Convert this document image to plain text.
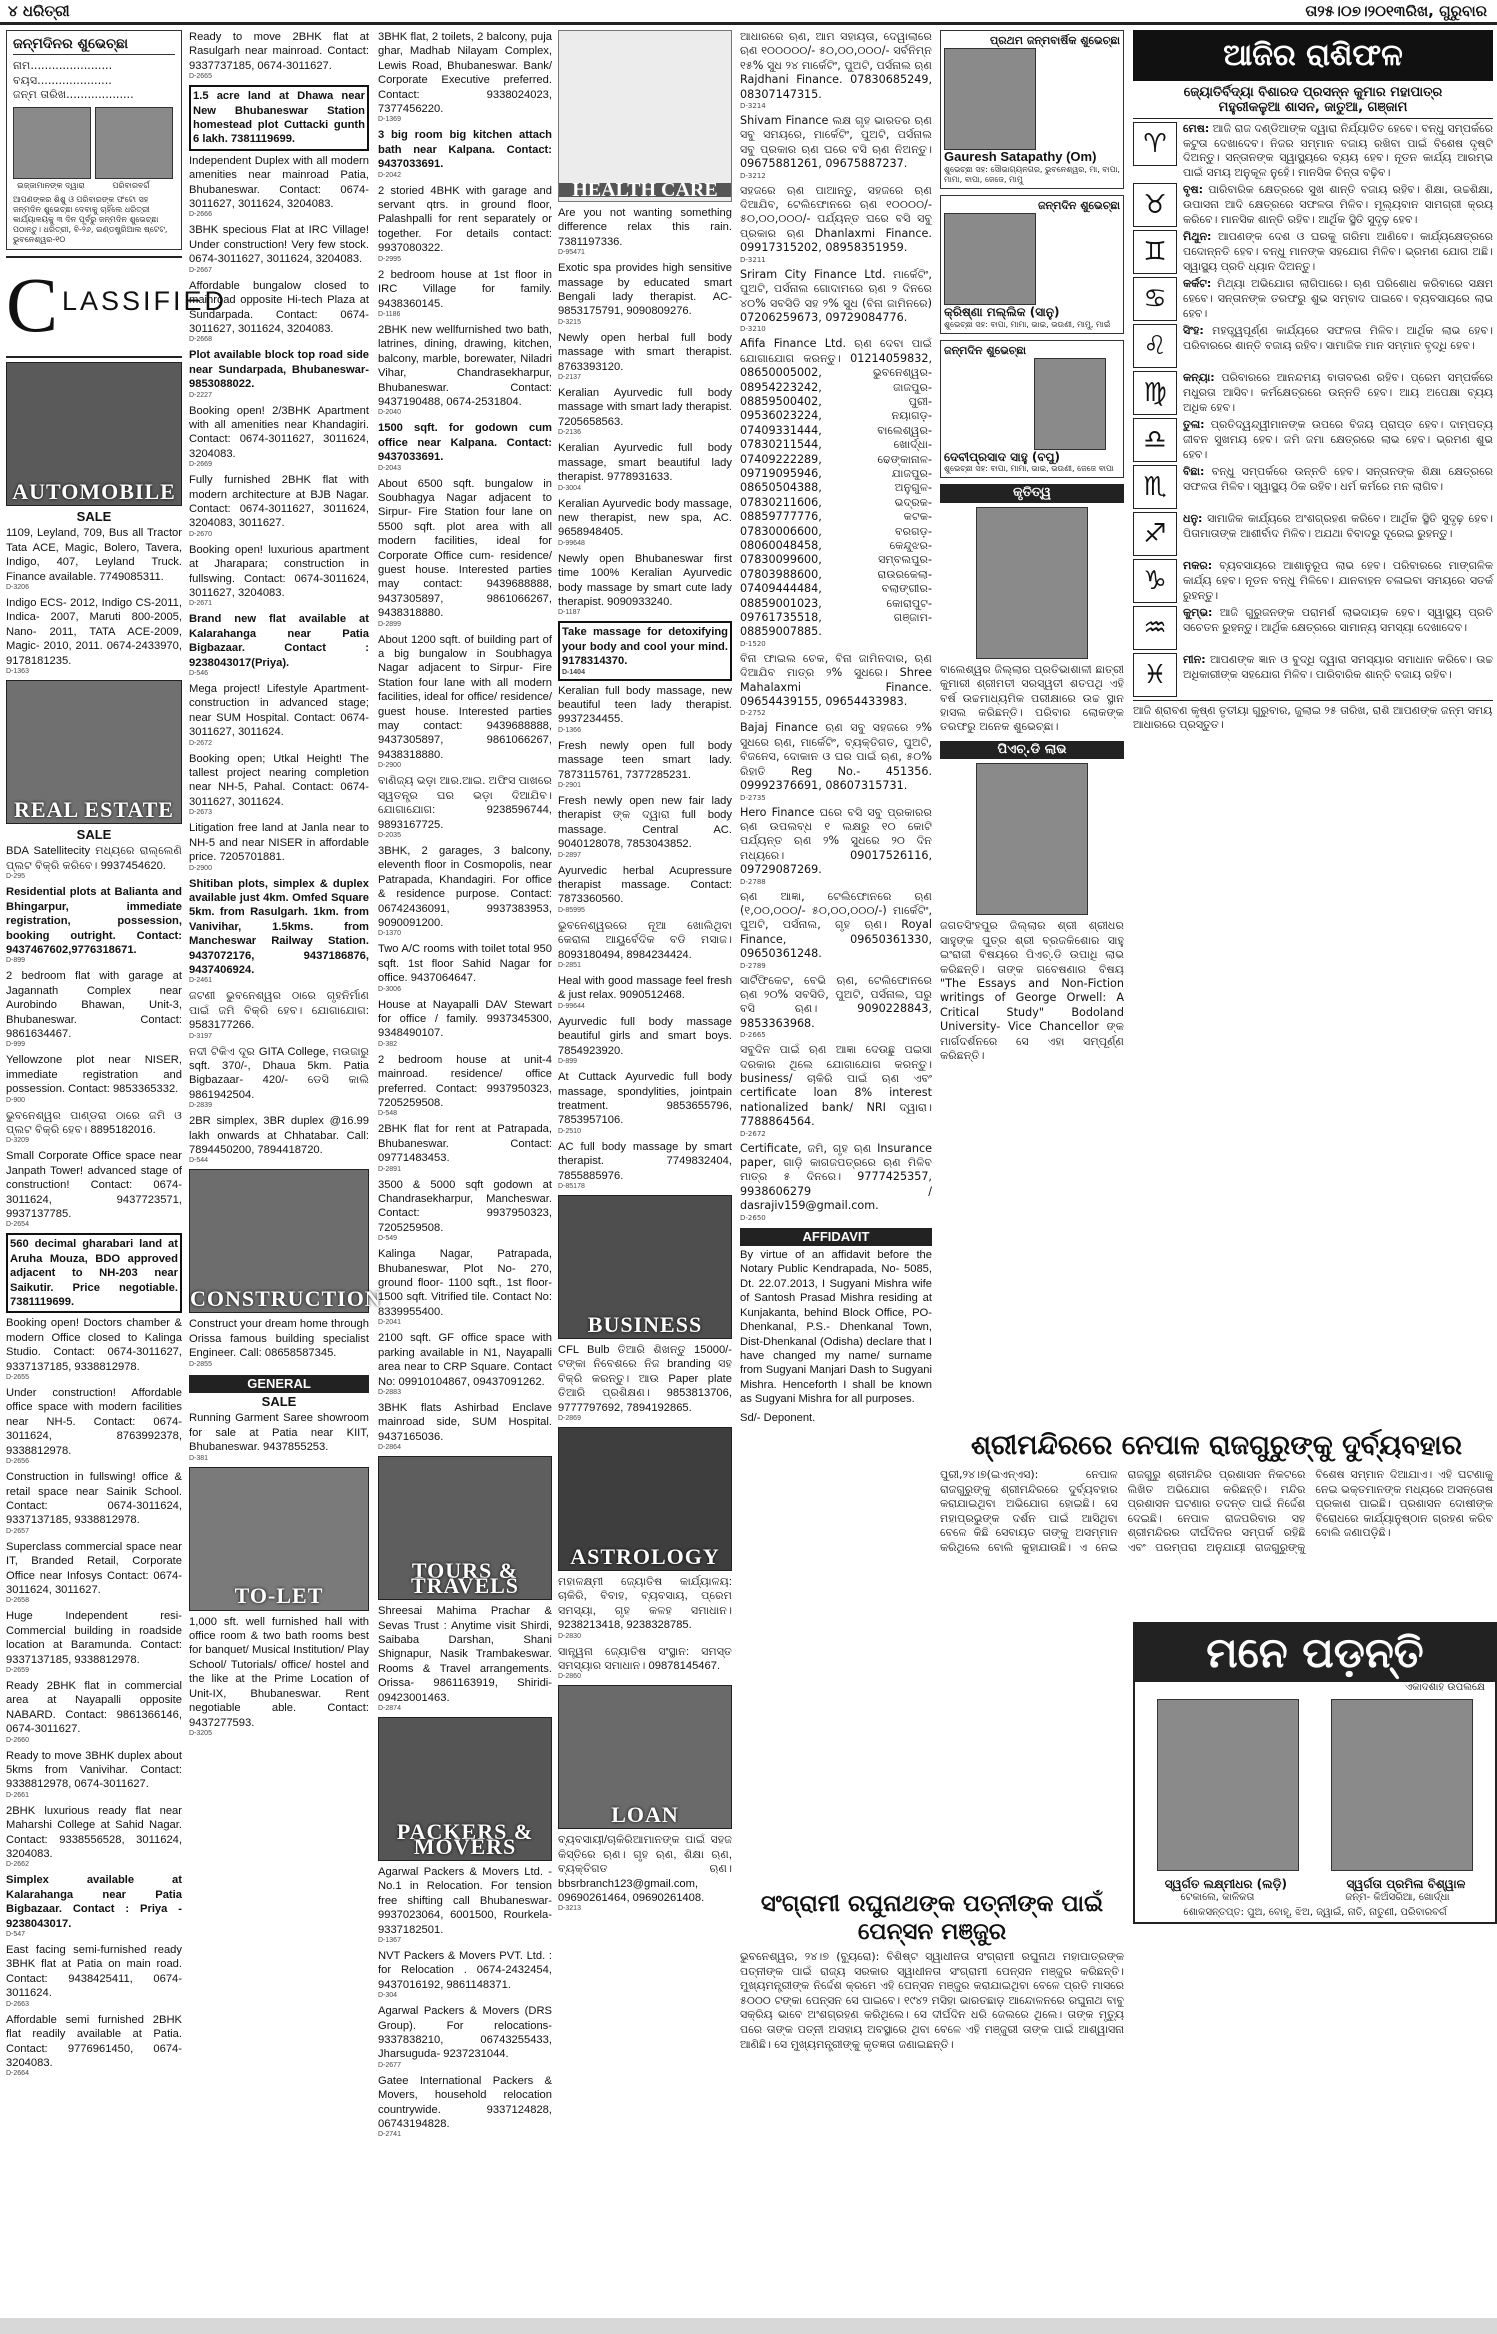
୪ ଧରିତ୍ରୀ	ତା୨୫।୦୭।୨୦୧୩ରିଖ, ଗୁରୁବାର
ଜନ୍ମଦିନର ଶୁଭେଚ୍ଛା
ନାମ.......................
ବୟସ.....................
ଜନ୍ମ ତାରିଖ...................
ଇଜ୍ଜାମାନଙ୍କ ଦ୍ୱାରା	ପରିବାରବର୍ଗ
ଆପଣଙ୍କର ଶିଶୁ ଓ ପରିବାରଙ୍କ ଫଟୋ ସହ ଜନ୍ମଦିନ ଶୁଭେଚ୍ଛା ଦେବାକୁ ଚାହିଁଲେ ଧରିତ୍ରୀ କାର୍ଯ୍ୟାଳୟକୁ ୩ ଦିନ ପୂର୍ବରୁ ଜନ୍ମଦିନ ଶୁଭେଚ୍ଛା ପଠାନ୍ତୁ। ଧରିତ୍ରୀ, ବି-୨୬, ଇଣ୍ଡଷ୍ଟ୍ରିଆଲ ଷ୍ଟେଟ, ଭୁବନେଶ୍ୱର-୧୦
C LASSIFIED
AUTOMOBILE
SALE
1109, Leyland, 709, Bus all Tractor Tata ACE, Magic, Bolero, Tavera, Indigo, 407, Leyland Truck. Finance available. 7749085311.
D-3206
Indigo ECS- 2012, Indigo CS-2011, Indica- 2007, Maruti 800-2005, Nano- 2011, TATA ACE-2009, Magic- 2010, 2011. 0674-2433970, 9178181235.
D-1363
REAL ESTATE
SALE
BDA Satellitecity ମଧ୍ୟରେ ରାଲ୍ଲେଣି ପ୍ଲଟ ବିକ୍ରି କରିବେ। 9937454620.
D-295
Residential plots at Balianta and Bhingarpur, immediate registration, possession, booking outright. Contact: 9437467602,9776318671.
D-899
2 bedroom flat with garage at Jagannath Complex near Aurobindo Bhawan, Unit-3, Bhubaneswar. Contact: 9861634467.
D-999
Yellowzone plot near NISER, immediate registration and possession. Contact: 9853365332.
D-900
ଭୁବନେଶ୍ୱର ପାଣ୍ଡରା ଠାରେ ଜମି ଓ ପ୍ଲଟ ବିକ୍ରି ହେବ। 8895182016.
D-3209
Small Corporate Office space near Janpath Tower! advanced stage of construction! Contact: 0674-3011624, 9437723571, 9937137785.
D-2654
560 decimal gharabari land at Aruha Mouza, BDO approved adjacent to NH-203 near Saikutir. Price negotiable. 7381119699.
Booking open! Doctors chamber & modern Office closed to Kalinga Studio. Contact: 0674-3011627, 9337137185, 9338812978.
D-2655
Under construction! Affordable office space with modern facilities near NH-5. Contact: 0674-3011624, 8763992378, 9338812978.
D-2656
Construction in fullswing! office & retail space near Sainik School. Contact: 0674-3011624, 9337137185, 9338812978.
D-2657
Superclass commercial space near IT, Branded Retail, Corporate Office near Infosys Contact: 0674-3011624, 3011627.
D-2658
Huge Independent resi-Commercial building in roadside location at Baramunda. Contact: 9337137185, 9338812978.
D-2659
Ready 2BHK flat in commercial area at Nayapalli opposite NABARD. Contact: 9861366146, 0674-3011627.
D-2660
Ready to move 3BHK duplex about 5kms from Vanivihar. Contact: 9338812978, 0674-3011627.
D-2661
2BHK luxurious ready flat near Maharshi College at Sahid Nagar. Contact: 9338556528, 3011624, 3204083.
D-2662
Simplex available at Kalarahanga near Patia Bigbazaar. Contact : Priya - 9238043017.
D-547
East facing semi-furnished ready 3BHK flat at Patia on main road. Contact: 9438425411, 0674-3011624.
D-2663
Affordable semi furnished 2BHK flat readily available at Patia. Contact: 9776961450, 0674-3204083.
D-2664
Ready to move 2BHK flat at Rasulgarh near mainroad. Contact: 9337737185, 0674-3011627.
D-2665
1.5 acre land at Dhawa near New Bhubaneswar Station homestead plot Cuttacki gunth 6 lakh. 7381119699.
Independent Duplex with all modern amenities near mainroad Patia, Bhubaneswar. Contact: 0674-3011627, 3011624, 3204083.
D-2666
3BHK specious Flat at IRC Village! Under construction! Very few stock. 0674-3011627, 3011624, 3204083.
D-2667
Affordable bungalow closed to mainroad opposite Hi-tech Plaza at Sundarpada. Contact: 0674-3011627, 3011624, 3204083.
D-2668
Plot available block top road side near Sundarpada, Bhubaneswar- 9853088022.
D-2227
Booking open! 2/3BHK Apartment with all amenities near Khandagiri. Contact: 0674-3011627, 3011624, 3204083.
D-2669
Fully furnished 2BHK flat with modern architecture at BJB Nagar. Contact: 0674-3011627, 3011624, 3204083, 3011627.
D-2670
Booking open! luxurious apartment at Jharapara; construction in fullswing. Contact: 0674-3011624, 3011627, 3204083.
D-2671
Brand new flat available at Kalarahanga near Patia Bigbazaar. Contact : 9238043017(Priya).
D-546
Mega project! Lifestyle Apartment- construction in advanced stage; near SUM Hospital. Contact: 0674-3011627, 3011624.
D-2672
Booking open; Utkal Height! The tallest project nearing completion near NH-5, Pahal. Contact: 0674-3011627, 3011624.
D-2673
Litigation free land at Janla near to NH-5 and near NISER in affordable price. 7205701881.
D-2900
Shitiban plots, simplex & duplex available just 4km. Omfed Square 5km. from Rasulgarh. 1km. from Vanivihar, 1.5kms. from Mancheswar Railway Station. 9437072176, 9437186876, 9437406924.
D-2461
ଜଟଣୀ ଭୁବନେଶ୍ୱର ଠାରେ ଗୃହନିର୍ମାଣ ପାଇଁ ଜମି ବିକ୍ରି ହେବ। ଯୋଗାଯୋଗ: 9583177266.
D-3197
ନଦୀ ଟିକିଏ ଦୂର GITA College, ମଉଜାରୁ sqft. 370/-, Dhaua 5km. Patia Bigbazaar- 420/- ଡେସି କାଲି 9861942504.
D-2839
2BR simplex, 3BR duplex @16.99 lakh onwards at Chhatabar. Call: 7894450200, 7894418720.
D-544
CONSTRUCTION
Construct your dream home through Orissa famous building specialist Engineer. Call: 08658587345.
D-2855
GENERAL
SALE
Running Garment Saree showroom for sale at Patia near KIIT, Bhubaneswar. 9437855253.
D-381
TO-LET
1,000 sft. well furnished hall with office room & two bath rooms best for banquet/ Musical Institution/ Play School/ Tutorials/ office/ hostel and the like at the Prime Location of Unit-IX, Bhubaneswar. Rent negotiable able. Contact: 9437277593.
D-3205
3BHK flat, 2 toilets, 2 balcony, puja ghar, Madhab Nilayam Complex, Lewis Road, Bhubaneswar. Bank/ Corporate Executive preferred. Contact: 9338024023, 7377456220.
D-1369
3 big room big kitchen attach bath near Kalpana. Contact: 9437033691.
D-2042
2 storied 4BHK with garage and servant qtrs. in ground floor, Palashpalli for rent separately or together. For details contact: 9937080322.
D-2995
2 bedroom house at 1st floor in IRC Village for family. 9438360145.
D-1186
2BHK new wellfurnished two bath, latrines, dining, drawing, kitchen, balcony, marble, borewater, Niladri Vihar, Chandrasekharpur, Bhubaneswar. Contact: 9437190488, 0674-2531804.
D-2040
1500 sqft. for godown cum office near Kalpana. Contact: 9437033691.
D-2043
About 6500 sqft. bungalow in Soubhagya Nagar adjacent to Sirpur- Fire Station four lane on 5500 sqft. plot area with all modern facilities, ideal for Corporate Office cum- residence/ guest house. Interested parties may contact: 9439688888, 9437305897, 9861066267, 9438318880.
D-2899
About 1200 sqft. of building part of a big bungalow in Soubhagya Nagar adjacent to Sirpur- Fire Station four lane with all modern facilities, ideal for office/ residence/ guest house. Interested parties may contact: 9439688888, 9437305897, 9861066267, 9438318880.
D-2900
ବାଣିଜ୍ୟ ଭଡ଼ା ଆର.ଆଇ. ଅଫିସ ପାଖରେ ସ୍ୱତନ୍ତ୍ର ଘର ଭଡ଼ା ଦିଆଯିବ। ଯୋଗାଯୋଗ: 9238596744, 9893167725.
D-2035
3BHK, 2 garages, 3 balcony, eleventh floor in Cosmopolis, near Patrapada, Khandagiri. For office & residence purpose. Contact: 06742436091, 9937383953, 9090091200.
D-1370
Two A/C rooms with toilet total 950 sqft. 1st floor Sahid Nagar for office. 9437064647.
D-3006
House at Nayapalli DAV Stewart for office / family. 9937345300, 9348490107.
D-382
2 bedroom house at unit-4 mainroad. residence/ office preferred. Contact: 9937950323, 7205259508.
D-548
2BHK flat for rent at Patrapada, Bhubaneswar. Contact: 09771483453.
D-2891
3500 & 5000 sqft godown at Chandrasekharpur, Mancheswar. Contact: 9937950323, 7205259508.
D-549
Kalinga Nagar, Patrapada, Bhubaneswar, Plot No- 270, ground floor- 1100 sqft., 1st floor- 1500 sqft. Vitrified tile. Contact No: 8339955400.
D-2041
2100 sqft. GF office space with parking available in N1, Nayapalli area near to CRP Square. Contact No: 09910104867, 09437091262.
D-2883
3BHK flats Ashirbad Enclave mainroad side, SUM Hospital. 9437165036.
D-2864
TOURS & TRAVELS
Shreesai Mahima Prachar & Sevas Trust : Anytime visit Shirdi, Saibaba Darshan, Shani Shignapur, Nasik Trambakeswar. Rooms & Travel arrangements. Orissa- 9861163919, Shiridi- 09423001463.
D-2874
PACKERS & MOVERS
Agarwal Packers & Movers Ltd. - No.1 in Relocation. For tension free shifting call Bhubaneswar- 9937023064, 6001500, Rourkela- 9337182501.
D-1367
NVT Packers & Movers PVT. Ltd. : for Relocation . 0674-2432454, 9437016192, 9861148371.
D-304
Agarwal Packers & Movers (DRS Group). For relocations- 9337838210, 06743255433, Jharsuguda- 9237231044.
D-2677
Gatee International Packers & Movers, household relocation countrywide. 9337124828, 06743194828.
D-2741
HEALTH CARE
Are you not wanting something difference relax this rain. 7381197336.
D-95471
Exotic spa provides high sensitive massage by educated smart Bengali lady therapist. AC- 9853175791, 9090809276.
D-3215
Newly open herbal full body massage with smart therapist. 8763393120.
D-2137
Keralian Ayurvedic full body massage with smart lady therapist. 7205658563.
D-2136
Keralian Ayurvedic full body massage, smart beautiful lady therapist. 9778931633.
D-3004
Keralian Ayurvedic body massage, new therapist, new spa, AC. 9658948405.
D-99648
Newly open Bhubaneswar first time 100% Keralian Ayurvedic body massage by smart cute lady therapist. 9090933240.
D-1187
Take massage for detoxifying your body and cool your mind. 9178314370.
D-1404
Keralian full body massage, new beautiful teen lady therapist. 9937234455.
D-1366
Fresh newly open full body massage teen smart lady. 7873115761, 7377285231.
D-2901
Fresh newly open new fair lady therapist ଙ୍କ ଦ୍ୱାରା full body massage. Central AC. 9040128078, 7853043852.
D-2897
Ayurvedic herbal Acupressure therapist massage. Contact: 7873360560.
D-85995
ଭୁବନେଶ୍ୱରରେ ନୂଆ ଖୋଲିଥିବା କେରାଳା ଆୟୁର୍ବେଦିକ ବଡି ମସାଜ। 8093180494, 8984234424.
D-2851
Heal with good massage feel fresh & just relax. 9090512468.
D-99644
Ayurvedic full body massage beautiful girls and smart boys. 7854923920.
D-899
At Cuttack Ayurvedic full body massage, spondylities, jointpain treatment. 9853655796, 7853957106.
D-2510
AC full body massage by smart therapist. 7749832404, 7855885976.
D-85178
BUSINESS
CFL Bulb ତିଆରି ଶିଖନ୍ତୁ 15000/- ଟଙ୍କା ନିବେଶରେ ନିଜ branding ସହ ବିକ୍ରି କରନ୍ତୁ। ଆଉ Paper plate ତିଆରି ପ୍ରଶିକ୍ଷଣ। 9853813706, 9777797692, 7894192865.
D-2869
ASTROLOGY
ମହାଳକ୍ଷ୍ମୀ ଜ୍ୟୋତିଷ କାର୍ଯ୍ୟାଳୟ: ଚାକିରି, ବିବାହ, ବ୍ୟବସାୟ, ପ୍ରେମ ସମସ୍ୟା, ଗୃହ କଳହ ସମାଧାନ। 9238213418, 9238328785.
D-2830
ସାନ୍ତ୍ୱନା ଜ୍ୟୋତିଷ ସଂସ୍ଥାନ: ସମସ୍ତ ସମସ୍ୟାର ସମାଧାନ। 09878145467.
D-2860
LOAN
ବ୍ୟବସାୟୀ/ଚାକିରିଆମାନଙ୍କ ପାଇଁ ସହଜ କିସ୍ତିରେ ଋଣ। ଗୃହ ଋଣ, ଶିକ୍ଷା ଋଣ, ବ୍ୟକ୍ତିଗତ ଋଣ। bbsrbranch123@gmail.com, 09690261464, 09690261408.
D-3213
ଆଧାରରେ ଋଣ, ଆମ ସହାୟତା, ଦେୱାଲାରେ ଋଣ ୧୦୦୦୦୦/- ୫୦,୦୦,୦୦୦/- ସର୍ବନିମ୍ନ ୧୫% ସୁଧ ୨୪ ମାର୍କେଟିଂ, ପୁଅଟି, ପର୍ସନାଲ ଋଣ Rajdhani Finance. 07830685249, 08307147315.
D-3214
Shivam Finance ଲକ୍ଷ ଗୃହ ଭାରତର ଋଣ ସବୁ ସମୟରେ, ମାର୍କେଟିଂ, ପୁଅଟି, ପର୍ସନାଲ ସବୁ ପ୍ରକାର ଋଣ ଘରେ ବସି ଋଣ ନିଅନ୍ତୁ। 09675881261, 09675887237.
D-3212
ସହଜରେ ଋଣ ପାଆନ୍ତୁ, ସହଜରେ ଋଣ ଦିଆଯିବ, ଟେଲିଫୋନରେ ଋଣ ୧୦୦୦୦/- ୫୦,୦୦,୦୦୦/- ପର୍ଯ୍ୟନ୍ତ ଘରେ ବସି ସବୁ ପ୍ରକାର ଋଣ Dhanlaxmi Finance. 09917315202, 08958351959.
D-3211
Sriram City Finance Ltd. ମାର୍କେଟିଂ, ପୁଅଟି, ପର୍ସନାଲ ଗୋଦାମରେ ଋଣ ୨ ଦିନରେ ୪୦% ସବସିଡି ସହ ୨% ସୁଧ (ବିନା ଜାମିନରେ) 07206259673, 09729084776.
D-3210
Afifa Finance Ltd. ଋଣ ଦେବା ପାଇଁ ଯୋଗାଯୋଗ କରନ୍ତୁ। 01214059832, 08650005002, ଭୁବନେଶ୍ୱର- 08954223242, ଜାଜପୁର- 08859500402, ପୁରୀ- 09536023224, ନୟାଗଡ଼- 07409331444, ବାଲେଶ୍ୱର- 07830211544, ଖୋର୍ଦ୍ଧା- 07409222289, ଢେଙ୍କାନାଳ- 09719095946, ଯାଜପୁର- 08650504388, ଅନୁଗୁଳ- 07830211606, ଭଦ୍ରକ- 08859777776, କଟକ- 07830006600, ବରଗଡ଼- 08060048458, କେନ୍ଦୁଝର- 07830099600, ସମ୍ବଲପୁର- 07803988600, ରାଉରକେଲା- 07409444484, ବଲାଙ୍ଗୀର- 08859001023, କୋରାପୁଟ- 09761735518, ଗଞ୍ଜାମ- 08859007885.
D-1520
ବିନା ଫାଇଲ ଚେକ, ବିନା ଜାମିନଦାର, ଋଣ ଦିଆଯିବ ମାତ୍ର ୨% ସୁଧରେ। Shree Mahalaxmi Finance. 09654439155, 09654433983.
D-2752
Bajaj Finance ଋଣ ସବୁ ସହଜରେ ୨% ସୁଧରେ ଋଣ, ମାର୍କେଟିଂ, ବ୍ୟକ୍ତିଗତ, ପୁଅଟି, ବିଜନେସ, ଦୋକାନ ଓ ଘର ପାଇଁ ଋଣ, ୫୦% ରିହାତି Reg No.- 451356. 09992376691, 08607315731.
D-2735
Hero Finance ଘରେ ବସି ସବୁ ପ୍ରକାରର ଋଣ ଉପଲବ୍ଧ ୧ ଲକ୍ଷରୁ ୧୦ କୋଟି ପର୍ଯ୍ୟନ୍ତ ଋଣ ୨% ସୁଧରେ ୨୦ ଦିନ ମଧ୍ୟରେ। 09017526116, 09729087269.
D-2788
ଋଣ ଆଜ୍ଞା, ଟେଲିଫୋନରେ ଋଣ (୧,୦୦,୦୦୦/- ୫୦,୦୦,୦୦୦/-) ମାର୍କେଟିଂ, ପୁଅଟି, ପର୍ସନାଲ, ଗୃହ ଋଣ। Royal Finance, 09650361330, 09650361248.
D-2789
ସାର୍ଟିଫିକେଟ, ବେଭି ଋଣ, ଟେଲିଫୋନରେ ଋଣ ୨୦% ସବସିଡି, ପୁଅଟି, ପର୍ସନାଲ, ଘରୁ ବସି ଋଣ। 9090228843, 9853363968.
D-2665
ସବୁଦିନ ପାଇଁ ଋଣ ଆଜ୍ଞା ଦେଉଛୁ ପଇସା ଦରକାର ଥିଲେ ଯୋଗାଯୋଗ କରନ୍ତୁ। business/ ଚାକିରି ପାଇଁ ଋଣ ଏବଂ certificate loan 8% interest nationalized bank/ NRI ଦ୍ୱାରା। 7788864564.
D-2672
Certificate, ଜମି, ଗୃହ ଋଣ Insurance paper, ଗାଡ଼ି କାଗଜପତ୍ରରେ ଋଣ ମିଳିବ ମାତ୍ର ୫ ଦିନରେ। 9777425357, 9938606279 / dasrajiv159@gmail.com.
D-2650
AFFIDAVIT
By virtue of an affidavit before the Notary Public Kendrapada, No- 5085, Dt. 22.07.2013, I Sugyani Mishra wife of Santosh Prasad Mishra residing at Kunjakanta, behind Block Office, PO- Dhenkanal, P.S.- Dhenkanal Town, Dist-Dhenkanal (Odisha) declare that I have changed my name/ surname from Sugyani Manjari Dash to Sugyani Mishra. Henceforth I shall be known as Sugyani Mishra for all purposes.
Sd/- Deponent.
ପ୍ରଥମ ଜନ୍ମବାର୍ଷିକ ଶୁଭେଚ୍ଛା
Gauresh Satapathy (Om)
ଶୁଭେଚ୍ଛା ସହ: ସୌଭାଗ୍ୟନଗର, ଭୁବନେଶ୍ୱର, ମା, ବାପା, ମାମା, ବାପା, ଜେଜେ, ମାମୁ
ଜନ୍ମଦିନ ଶୁଭେଚ୍ଛା
କ୍ରିଷ୍ଣା ମଲ୍ଲିକ (ସାନୁ)
ଶୁଭେଚ୍ଛା ସହ: ବାପା, ମାମା, ଭାଇ, ଭଉଣୀ, ମାମୁ, ମାଇଁ
ଜନ୍ମଦିନ ଶୁଭେଚ୍ଛା
ଦେବୀପ୍ରସାଦ ସାହୁ (ବପୁ)
ଶୁଭେଚ୍ଛା ସହ: ବାପା, ମାମା, ଭାଇ, ଭଉଣୀ, ଜେଜେ ବାପା
କୃତିତ୍ୱ
ବାଲେଶ୍ୱର ଜିଲ୍ଲାର ପ୍ରତିଭାଶାଳୀ ଛାତ୍ରୀ କୁମାରୀ ଶ୍ରୀମତୀ ସରସ୍ୱତୀ ଶତପଥି ଏହି ବର୍ଷ ଉଚ୍ଚମାଧ୍ୟମିକ ପରୀକ୍ଷାରେ ଉଚ୍ଚ ସ୍ଥାନ ହାସଲ କରିଛନ୍ତି। ପରିବାର ଲୋକଙ୍କ ତରଫରୁ ଅନେକ ଶୁଭେଚ୍ଛା।
ପିଏଚ୍.ଡି ଲାଭ
ଜଗତସିଂହପୁର ଜିଲ୍ଲାର ଶ୍ରୀ ଶ୍ରୀଧର ସାହୁଙ୍କ ପୁତ୍ର ଶ୍ରୀ ବ୍ରଜକିଶୋର ସାହୁ ଇଂରାଜୀ ବିଷୟରେ ପିଏଚ୍.ଡି ଉପାଧି ଲାଭ କରିଛନ୍ତି। ତାଙ୍କ ଗବେଷଣାର ବିଷୟ "The Essays and Non-Fiction writings of George Orwell: A Critical Study" Bodoland University- Vice Chancellor ଙ୍କ ମାର୍ଗଦର୍ଶନରେ ସେ ଏହା ସମ୍ପୂର୍ଣ୍ଣ କରିଛନ୍ତି।
ସଂଗ୍ରାମୀ ରଘୁନାଥଙ୍କ ପତ୍ନୀଙ୍କ ପାଇଁ ପେନ୍ସନ ମଞ୍ଜୁର
ଭୁବନେଶ୍ୱର, ୨୪।୭ (ବ୍ୟୁରୋ): ବିଶିଷ୍ଟ ସ୍ୱାଧୀନତା ସଂଗ୍ରାମୀ ରଘୁନାଥ ମହାପାତ୍ରଙ୍କ ପତ୍ନୀଙ୍କ ପାଇଁ ରାଜ୍ୟ ସରକାର ସ୍ୱାଧୀନତା ସଂଗ୍ରାମୀ ପେନ୍ସନ ମଞ୍ଜୁର କରିଛନ୍ତି। ମୁଖ୍ୟମନ୍ତ୍ରୀଙ୍କ ନିର୍ଦ୍ଦେଶ କ୍ରମେ ଏହି ପେନ୍ସନ ମଞ୍ଜୁର କରାଯାଇଥିବା ବେଳେ ପ୍ରତି ମାସରେ ୫୦୦୦ ଟଙ୍କା ପେନ୍ସନ ସେ ପାଇବେ। ୧୯୪୨ ମସିହା ଭାରତଛାଡ଼ ଆନ୍ଦୋଳନରେ ରଘୁନାଥ ବାବୁ ସକ୍ରିୟ ଭାବେ ଅଂଶଗ୍ରହଣ କରିଥିଲେ। ସେ ଦୀର୍ଘଦିନ ଧରି ଜେଲରେ ଥିଲେ। ତାଙ୍କ ମୃତ୍ୟୁ ପରେ ତାଙ୍କ ପତ୍ନୀ ଅସହାୟ ଅବସ୍ଥାରେ ଥିବା ବେଳେ ଏହି ମଞ୍ଜୁରୀ ତାଙ୍କ ପାଇଁ ଆଶ୍ୱାସନା ଆଣିଛି। ସେ ମୁଖ୍ୟମନ୍ତ୍ରୀଙ୍କୁ କୃତଜ୍ଞତା ଜଣାଇଛନ୍ତି।
ଆଜିର ରାଶିଫଳ
ଜ୍ୟୋତିର୍ବିଦ୍ୟା ବିଶାରଦ ପ୍ରସନ୍ନ କୁମାର ମହାପାତ୍ର
ମହୁରୀକଳୁଆ ଶାସନ, ଜାତୁଆ, ଗଞ୍ଜାମ
♈
ମେଷ: ଆଜି ରାଜ ଦଣ୍ଡିଆଙ୍କ ଦ୍ୱାରା ନିର୍ଯ୍ୟାତିତ ହେବେ। ବନ୍ଧୁ ସମ୍ପର୍କରେ କଟୁତା ଦେଖାଦେବ। ନିଜର ସମ୍ମାନ ବଜାୟ ରଖିବା ପାଇଁ ବିଶେଷ ଦୃଷ୍ଟି ଦିଅନ୍ତୁ। ସନ୍ତାନଙ୍କ ସ୍ୱାସ୍ଥ୍ୟରେ ବ୍ୟୟ ହେବ। ନୂତନ କାର୍ଯ୍ୟ ଆରମ୍ଭ ପାଇଁ ସମୟ ଅନୁକୂଳ ନୁହେଁ। ମାନସିକ ଚିନ୍ତା ବଢ଼ିବ।
♉
ବୃଷ: ପାରିବାରିକ କ୍ଷେତ୍ରରେ ସୁଖ ଶାନ୍ତି ବଜାୟ ରହିବ। ଶିକ୍ଷା, ଉଚ୍ଚଶିକ୍ଷା, ଉପାସନା ଆଦି କ୍ଷେତ୍ରରେ ସଫଳତା ମିଳିବ। ମୂଲ୍ୟବାନ ସାମଗ୍ରୀ କ୍ରୟ କରିବେ। ମାନସିକ ଶାନ୍ତି ରହିବ। ଆର୍ଥିକ ସ୍ଥିତି ସୁଦୃଢ଼ ହେବ।
♊
ମିଥୁନ: ଆପଣଙ୍କ ଦେଶ ଓ ଘରକୁ ଗରିମା ଆଣିବେ। କାର୍ଯ୍ୟକ୍ଷେତ୍ରରେ ପଦୋନ୍ନତି ହେବ। ବନ୍ଧୁ ମାନଙ୍କ ସହଯୋଗ ମିଳିବ। ଭ୍ରମଣ ଯୋଗ ଅଛି। ସ୍ୱାସ୍ଥ୍ୟ ପ୍ରତି ଧ୍ୟାନ ଦିଅନ୍ତୁ।
♋
କର୍କଟ: ମିଥ୍ୟା ଅଭିଯୋଗ ଲାଗିପାରେ। ଋଣ ପରିଶୋଧ କରିବାରେ ସକ୍ଷମ ହେବେ। ସନ୍ତାନଙ୍କ ତରଫରୁ ଶୁଭ ସମ୍ବାଦ ପାଇବେ। ବ୍ୟବସାୟରେ ଲାଭ ହେବ।
♌
ସିଂହ: ମହତ୍ତ୍ୱପୂର୍ଣ୍ଣ କାର୍ଯ୍ୟରେ ସଫଳତା ମିଳିବ। ଆର୍ଥିକ ଲାଭ ହେବ। ପରିବାରରେ ଶାନ୍ତି ବଜାୟ ରହିବ। ସାମାଜିକ ମାନ ସମ୍ମାନ ବୃଦ୍ଧି ହେବ।
♍
କନ୍ୟା: ପରିବାରରେ ଆନନ୍ଦମୟ ବାତାବରଣ ରହିବ। ପ୍ରେମ ସମ୍ପର୍କରେ ମଧୁରତା ଆସିବ। କର୍ମକ୍ଷେତ୍ରରେ ଉନ୍ନତି ହେବ। ଆୟ ଅପେକ୍ଷା ବ୍ୟୟ ଅଧିକ ହେବ।
♎
ତୁଳା: ପ୍ରତିଦ୍ୱନ୍ଦ୍ୱୀମାନଙ୍କ ଉପରେ ବିଜୟ ପ୍ରାପ୍ତ ହେବ। ଦାମ୍ପତ୍ୟ ଜୀବନ ସୁଖମୟ ହେବ। ଜମି ଜମା କ୍ଷେତ୍ରରେ ଲାଭ ହେବ। ଭ୍ରମଣ ଶୁଭ ହେବ।
♏
ବିଛା: ବନ୍ଧୁ ସମ୍ପର୍କରେ ଉନ୍ନତି ହେବ। ସନ୍ତାନଙ୍କ ଶିକ୍ଷା କ୍ଷେତ୍ରରେ ସଫଳତା ମିଳିବ। ସ୍ୱାସ୍ଥ୍ୟ ଠିକ ରହିବ। ଧର୍ମ କର୍ମରେ ମନ ଲାଗିବ।
♐
ଧନୁ: ସାମାଜିକ କାର୍ଯ୍ୟରେ ଅଂଶଗ୍ରହଣ କରିବେ। ଆର୍ଥିକ ସ୍ଥିତି ସୁଦୃଢ଼ ହେବ। ପିତାମାତାଙ୍କ ଆଶୀର୍ବାଦ ମିଳିବ। ଅଯଥା ବିବାଦରୁ ଦୂରେଇ ରୁହନ୍ତୁ।
♑
ମକର: ବ୍ୟବସାୟରେ ଆଶାନୁରୂପ ଲାଭ ହେବ। ପରିବାରରେ ମାଙ୍ଗଳିକ କାର୍ଯ୍ୟ ହେବ। ନୂତନ ବନ୍ଧୁ ମିଳିବେ। ଯାନବାହନ ଚଳାଇବା ସମୟରେ ସତର୍କ ରୁହନ୍ତୁ।
♒
କୁମ୍ଭ: ଆଜି ଗୁରୁଜନଙ୍କ ପରାମର୍ଶ ଲାଭଦାୟକ ହେବ। ସ୍ୱାସ୍ଥ୍ୟ ପ୍ରତି ସଚେତନ ରୁହନ୍ତୁ। ଆର୍ଥିକ କ୍ଷେତ୍ରରେ ସାମାନ୍ୟ ସମସ୍ୟା ଦେଖାଦେବ।
♓
ମୀନ: ଆପଣଙ୍କ ଜ୍ଞାନ ଓ ବୁଦ୍ଧି ଦ୍ୱାରା ସମସ୍ୟାର ସମାଧାନ କରିବେ। ଉଚ୍ଚ ଅଧିକାରୀଙ୍କ ସହଯୋଗ ମିଳିବ। ପାରିବାରିକ ଶାନ୍ତି ବଜାୟ ରହିବ।
ଆଜି ଶ୍ରାବଣ କୃଷ୍ଣ ତୃତୀୟା ଗୁରୁବାର, ଜୁଲାଇ ୨୫ ତାରିଖ, ରାଶି ଆପଣଙ୍କ ଜନ୍ମ ସମୟ ଆଧାରରେ ପ୍ରସ୍ତୁତ।
ଶ୍ରୀମନ୍ଦିରରେ ନେପାଳ ରାଜଗୁରୁଙ୍କୁ ଦୁର୍ବ୍ୟବହାର
ପୁରୀ,୨୪।୭(ଇଏନ୍ଏସ): ନେପାଳ ରାଜଗୁରୁଙ୍କୁ ଶ୍ରୀମନ୍ଦିରରେ ଦୁର୍ବ୍ୟବହାର କରାଯାଇଥିବା ଅଭିଯୋଗ ହୋଇଛି। ସେ ମହାପ୍ରଭୁଙ୍କ ଦର୍ଶନ ପାଇଁ ଆସିଥିବା ବେଳେ କିଛି ସେବାୟତ ତାଙ୍କୁ ଅସମ୍ମାନ କରିଥିଲେ ବୋଲି କୁହାଯାଉଛି। ଏ ନେଇ ରାଜଗୁରୁ ଶ୍ରୀମନ୍ଦିର ପ୍ରଶାସନ ନିକଟରେ ଲିଖିତ ଅଭିଯୋଗ କରିଛନ୍ତି। ମନ୍ଦିର ପ୍ରଶାସନ ଘଟଣାର ତଦନ୍ତ ପାଇଁ ନିର୍ଦ୍ଦେଶ ଦେଇଛି। ନେପାଳ ରାଜପରିବାର ସହ ଶ୍ରୀମନ୍ଦିରର ଦୀର୍ଘଦିନର ସମ୍ପର୍କ ରହିଛି ଏବଂ ପରମ୍ପରା ଅନୁଯାୟୀ ରାଜଗୁରୁଙ୍କୁ ବିଶେଷ ସମ୍ମାନ ଦିଆଯାଏ। ଏହି ଘଟଣାକୁ ନେଇ ଭକ୍ତମାନଙ୍କ ମଧ୍ୟରେ ଅସନ୍ତୋଷ ପ୍ରକାଶ ପାଇଛି। ପ୍ରଶାସନ ଦୋଷୀଙ୍କ ବିରୋଧରେ କାର୍ଯ୍ୟାନୁଷ୍ଠାନ ଗ୍ରହଣ କରିବ ବୋଲି ଜଣାପଡ଼ିଛି।
ମନେ ପଡ଼ନ୍ତି
ଏକାଦଶାହ ଉପଲକ୍ଷେ
ସ୍ୱର୍ଗତ ଲକ୍ଷ୍ମୀଧର (ଲଡ଼ି)	ସ୍ୱର୍ଗତା ପ୍ରମିଳା ବିଶ୍ୱାଳ
ଟେକାଲେ, କାଳିକତା	ଜନ୍ମ- କିଅଁସରିଆ, ଖୋର୍ଦ୍ଧା
ଶୋକସନ୍ତପ୍ତ: ପୁଅ, ବୋହୂ, ଝିଅ, ଜ୍ୱାଇଁ, ନାତି, ନାତୁଣୀ, ପରିବାରବର୍ଗ
